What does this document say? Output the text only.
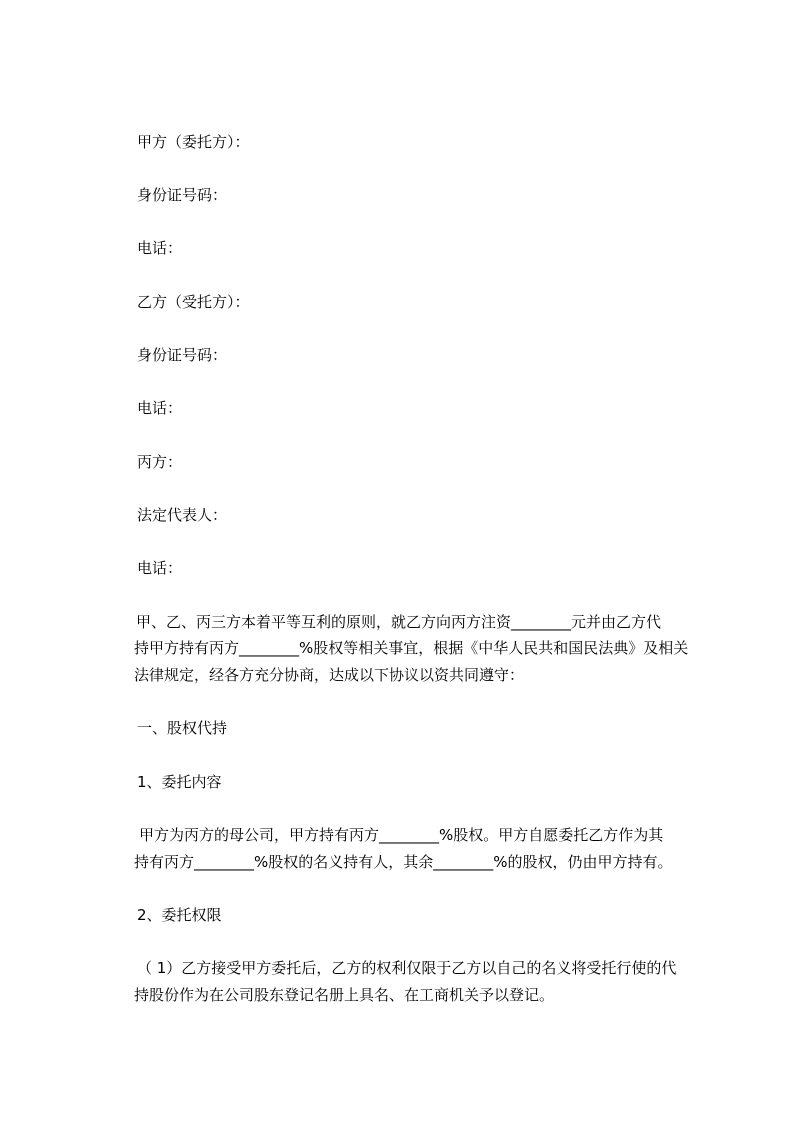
甲方（委托方）：
身份证号码：
电话：
乙方（受托方）：
身份证号码：
电话：
丙方：
法定代表人：
电话：
甲、乙、丙三方本着平等互利的原则，就乙方向丙方注资________元并由乙方代
持甲方持有丙方________%股权等相关事宜，根据《中华人民共和国民法典》及相关
法律规定，经各方充分协商，达成以下协议以资共同遵守：
一、股权代持
1、委托内容
甲方为丙方的母公司，甲方持有丙方________%股权。甲方自愿委托乙方作为其
持有丙方________%股权的名义持有人，其余________%的股权，仍由甲方持有。
2、委托权限
（ 1）乙方接受甲方委托后，乙方的权利仅限于乙方以自己的名义将受托行使的代
持股份作为在公司股东登记名册上具名、在工商机关予以登记。
